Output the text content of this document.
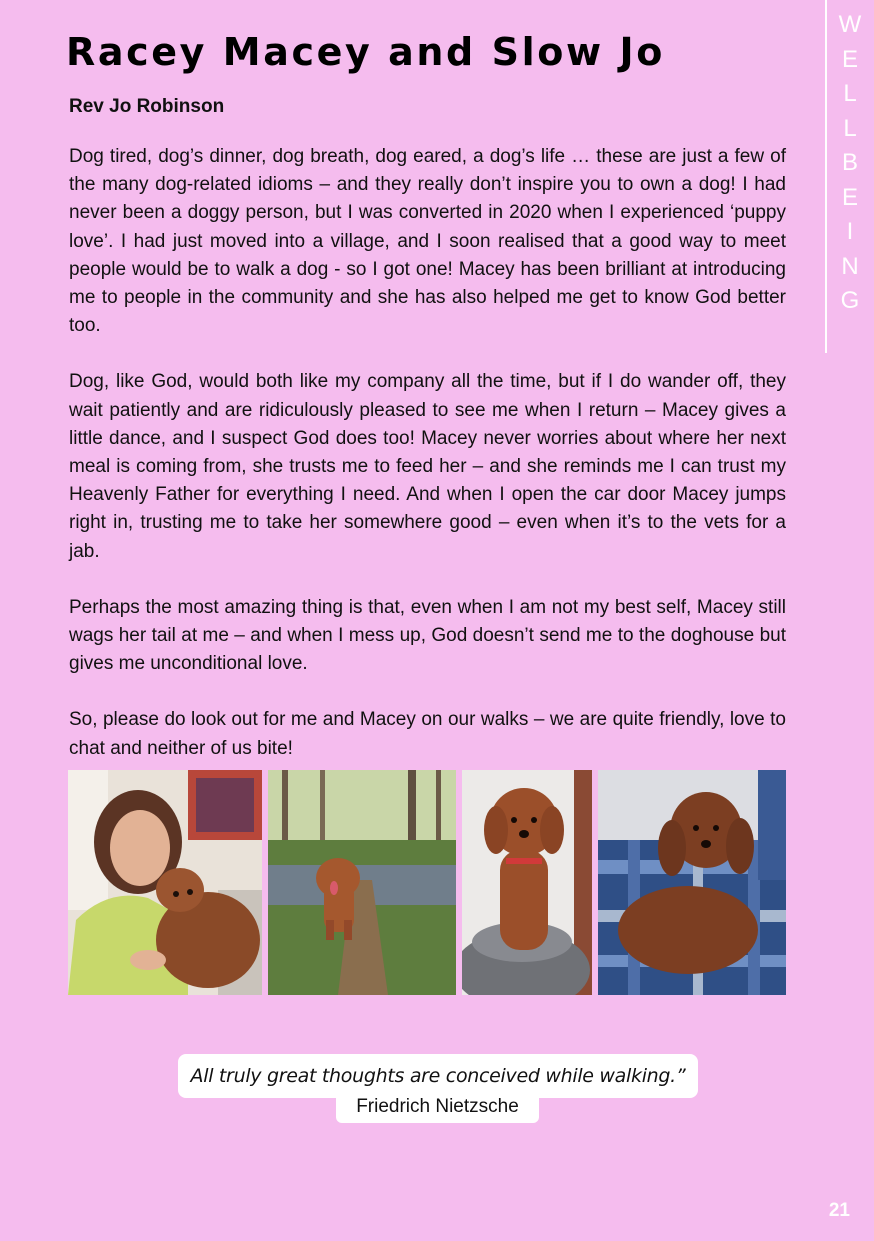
Racey Macey and Slow Jo
Rev Jo Robinson

Dog tired, dog’s dinner, dog breath, dog eared, a dog’s life … these are just a few of the many dog-related idioms – and they really don’t inspire you to own a dog! I had never been a doggy person, but I was converted in 2020 when I experienced ‘puppy love’. I had just moved into a village, and I soon realised that a good way to meet people would be to walk a dog - so I got one! Macey has been brilliant at introducing me to people in the community and she has also helped me get to know God better too.

Dog, like God, would both like my company all the time, but if I do wander off, they wait patiently and are ridiculously pleased to see me when I return – Macey gives a little dance, and I suspect God does too! Macey never worries about where her next meal is coming from, she trusts me to feed her – and she reminds me I can trust my Heavenly Father for everything I need. And when I open the car door Macey jumps right in, trusting me to take her somewhere good – even when it’s to the vets for a jab.

Perhaps the most amazing thing is that, even when I am not my best self, Macey still wags her tail at me – and when I mess up, God doesn’t send me to the doghouse but gives me unconditional love.

So, please do look out for me and Macey on our walks – we are quite friendly, love to chat and neither of us bite!

W
E
L
L
B
E
I
N
G
All truly great thoughts are conceived while walking.”
Friedrich Nietzsche
21
